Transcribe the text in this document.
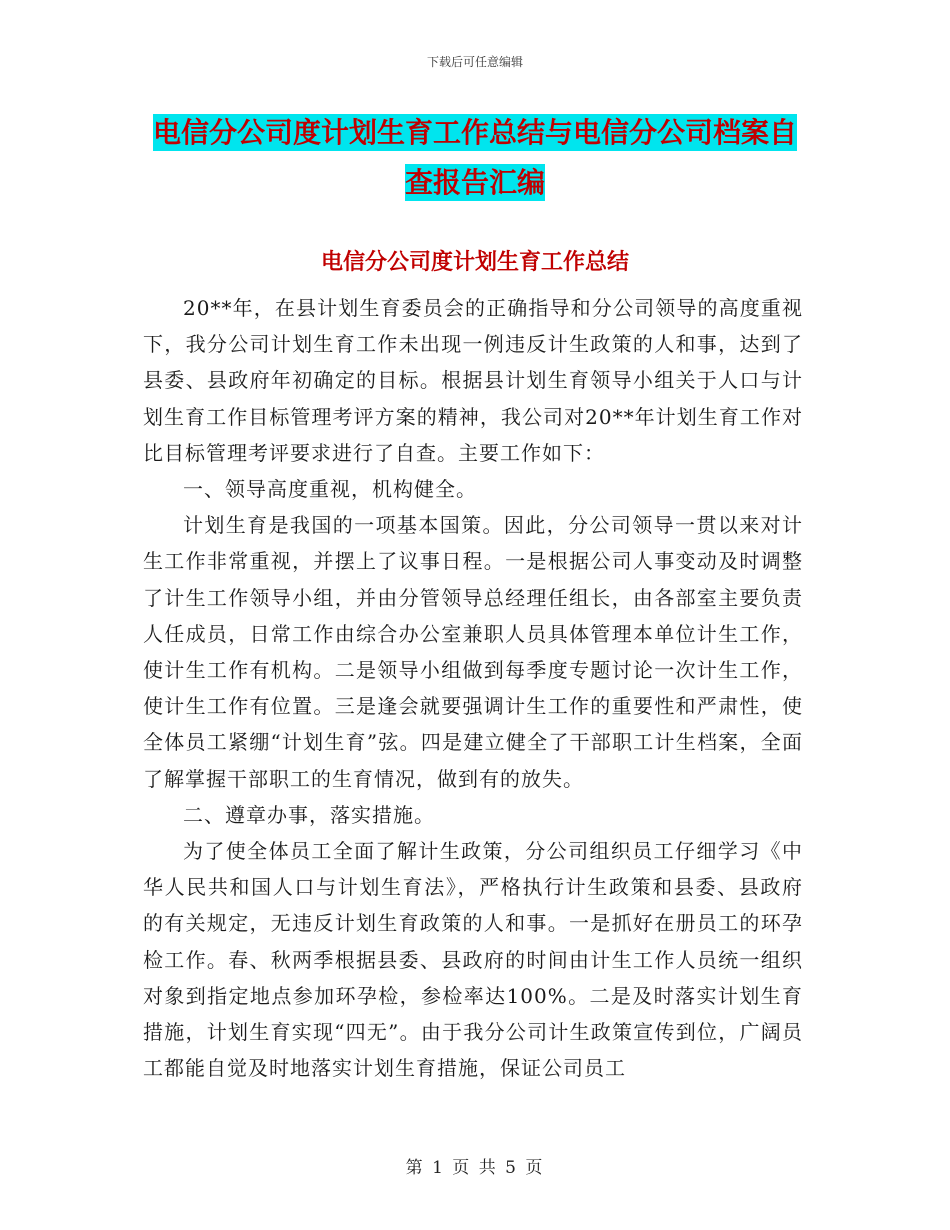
下载后可任意编辑
电信分公司度计划生育工作总结与电信分公司档案自
查报告汇编
电信分公司度计划生育工作总结

20**年，在县计划生育委员会的正确指导和分公司领导的高度重视下，我分公司计划生育工作未出现一例违反计生政策的人和事，达到了县委、县政府年初确定的目标。根据县计划生育领导小组关于人口与计划生育工作目标管理考评方案的精神，我公司对20**年计划生育工作对比目标管理考评要求进行了自查。主要工作如下：

一、领导高度重视，机构健全。

计划生育是我国的一项基本国策。因此，分公司领导一贯以来对计生工作非常重视，并摆上了议事日程。一是根据公司人事变动及时调整了计生工作领导小组，并由分管领导总经理任组长，由各部室主要负责人任成员，日常工作由综合办公室兼职人员具体管理本单位计生工作，使计生工作有机构。二是领导小组做到每季度专题讨论一次计生工作，使计生工作有位置。三是逢会就要强调计生工作的重要性和严肃性，使全体员工紧绷“计划生育”弦。四是建立健全了干部职工计生档案，全面了解掌握干部职工的生育情况，做到有的放失。

二、遵章办事，落实措施。

为了使全体员工全面了解计生政策，分公司组织员工仔细学习《中华人民共和国人口与计划生育法》，严格执行计生政策和县委、县政府的有关规定，无违反计划生育政策的人和事。一是抓好在册员工的环孕检工作。春、秋两季根据县委、县政府的时间由计生工作人员统一组织对象到指定地点参加环孕检，参检率达100%。二是及时落实计划生育措施，计划生育实现“四无”。由于我分公司计生政策宣传到位，广阔员工都能自觉及时地落实计划生育措施，保证公司员工

第 1 页 共 5 页
